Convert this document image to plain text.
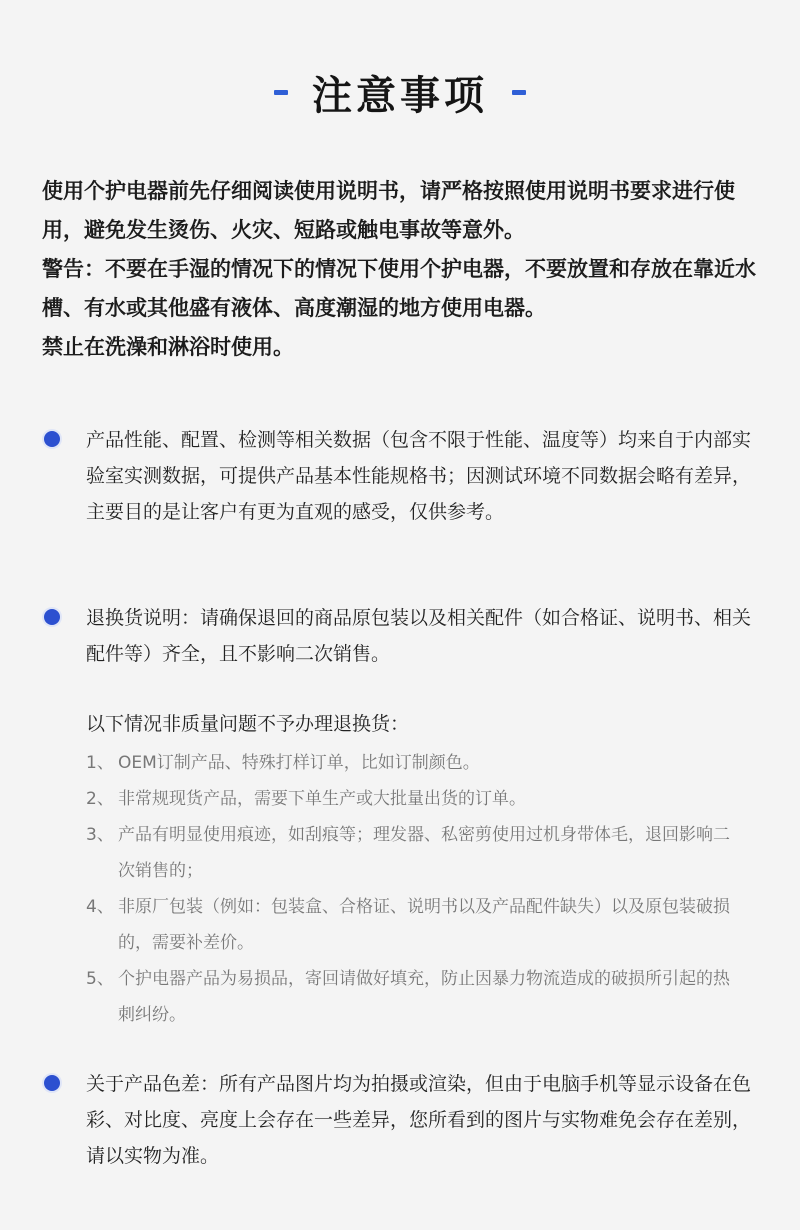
注意事项

使用个护电器前先仔细阅读使用说明书，请严格按照使用说明书要求进行使用，避免发生烫伤、火灾、短路或触电事故等意外。

警告：不要在手湿的情况下的情况下使用个护电器，不要放置和存放在靠近水槽、有水或其他盛有液体、高度潮湿的地方使用电器。

禁止在洗澡和淋浴时使用。

产品性能、配置、检测等相关数据（包含不限于性能、温度等）均来自于内部实验室实测数据，可提供产品基本性能规格书；因测试环境不同数据会略有差异，主要目的是让客户有更为直观的感受，仅供参考。
退换货说明：请确保退回的商品原包装以及相关配件（如合格证、说明书、相关配件等）齐全，且不影响二次销售。
以下情况非质量问题不予办理退换货：
1、 OEM订制产品、特殊打样订单，比如订制颜色。
2、 非常规现货产品，需要下单生产或大批量出货的订单。
3、 产品有明显使用痕迹，如刮痕等；理发器、私密剪使用过机身带体毛，退回影响二次销售的；
4、 非原厂包装（例如：包装盒、合格证、说明书以及产品配件缺失）以及原包装破损的，需要补差价。
5、 个护电器产品为易损品，寄回请做好填充，防止因暴力物流造成的破损所引起的热刺纠纷。
关于产品色差：所有产品图片均为拍摄或渲染，但由于电脑手机等显示设备在色彩、对比度、亮度上会存在一些差异，您所看到的图片与实物难免会存在差别，请以实物为准。
